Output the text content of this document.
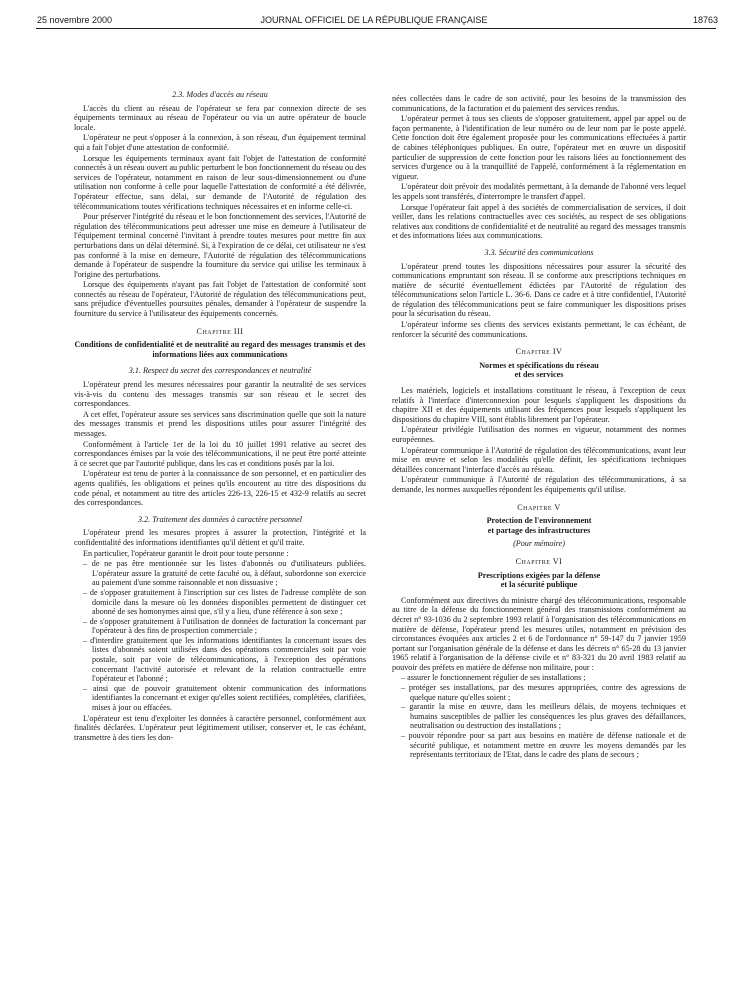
25 novembre 2000	JOURNAL OFFICIEL DE LA RÉPUBLIQUE FRANÇAISE	18763
2.3. Modes d'accès au réseau

L'accès du client au réseau de l'opérateur se fera par connexion directe de ses équipements terminaux au réseau de l'opérateur ou via un autre opérateur de boucle locale.

L'opérateur ne peut s'opposer à la connexion, à son réseau, d'un équipement terminal qui a fait l'objet d'une attestation de conformité.

Lorsque les équipements terminaux ayant fait l'objet de l'attestation de conformité connectés à un réseau ouvert au public perturbent le bon fonctionnement du réseau ou des services de l'opérateur, notamment en raison de leur sous-dimensionnement ou d'une utilisation non conforme à celle pour laquelle l'attestation de conformité a été délivrée, l'opérateur effectue, sans délai, sur demande de l'Autorité de régulation des télécommunications toutes vérifications techniques nécessaires et en informe celle-ci.

Pour préserver l'intégrité du réseau et le bon fonctionnement des services, l'Autorité de régulation des télécommunications peut adresser une mise en demeure à l'utilisateur de l'équipement terminal concerné l'invitant à prendre toutes mesures pour mettre fin aux perturbations dans un délai déterminé. Si, à l'expiration de ce délai, cet utilisateur ne s'est pas conformé à la mise en demeure, l'Autorité de régulation des télécommunications demande à l'opérateur de suspendre la fourniture du service qui utilise les terminaux à l'origine des perturbations.

Lorsque des équipements n'ayant pas fait l'objet de l'attestation de conformité sont connectés au réseau de l'opérateur, l'Autorité de régulation des télécommunications peut, sans préjudice d'éventuelles poursuites pénales, demander à l'opérateur de suspendre la fourniture du service à l'utilisateur des équipements concernés.

Chapitre III
Conditions de confidentialité et de neutralité au regard des messages transmis et des informations liées aux communications
3.1. Respect du secret des correspondances et neutralité

L'opérateur prend les mesures nécessaires pour garantir la neutralité de ses services vis-à-vis du contenu des messages transmis sur son réseau et le secret des correspondances.

A cet effet, l'opérateur assure ses services sans discrimination quelle que soit la nature des messages transmis et prend les dispositions utiles pour assurer l'intégrité des messages.

Conformément à l'article 1er de la loi du 10 juillet 1991 relative au secret des correspondances émises par la voie des télécommunications, il ne peut être porté atteinte à ce secret que par l'autorité publique, dans les cas et conditions posés par la loi.

L'opérateur est tenu de porter à la connaissance de son personnel, et en particulier des agents qualifiés, les obligations et peines qu'ils encourent au titre des dispositions du code pénal, et notamment au titre des articles 226-13, 226-15 et 432-9 relatifs au secret des correspondances.

3.2. Traitement des données à caractère personnel

L'opérateur prend les mesures propres à assurer la protection, l'intégrité et la confidentialité des informations identifiantes qu'il détient et qu'il traite.

En particulier, l'opérateur garantit le droit pour toute personne :

– de ne pas être mentionnée sur les listes d'abonnés ou d'utilisateurs publiées. L'opérateur assure la gratuité de cette faculté ou, à défaut, subordonne son exercice au paiement d'une somme raisonnable et non dissuasive ;
– de s'opposer gratuitement à l'inscription sur ces listes de l'adresse complète de son domicile dans la mesure où les données disponibles permettent de distinguer cet abonné de ses homonymes ainsi que, s'il y a lieu, d'une référence à son sexe ;
– de s'opposer gratuitement à l'utilisation de données de facturation la concernant par l'opérateur à des fins de prospection commerciale ;
– d'interdire gratuitement que les informations identifiantes la concernant issues des listes d'abonnés soient utilisées dans des opérations commerciales soit par voie postale, soit par voie de télécommunications, à l'exception des opérations concernant l'activité autorisée et relevant de la relation contractuelle entre l'opérateur et l'abonné ;
– ainsi que de pouvoir gratuitement obtenir communication des informations identifiantes la concernant et exiger qu'elles soient rectifiées, complétées, clarifiées, mises à jour ou effacées.

L'opérateur est tenu d'exploiter les données à caractère personnel, conformément aux finalités déclarées. L'opérateur peut légitimement utiliser, conserver et, le cas échéant, transmettre à des tiers les don-

nées collectées dans le cadre de son activité, pour les besoins de la transmission des communications, de la facturation et du paiement des services rendus.

L'opérateur permet à tous ses clients de s'opposer gratuitement, appel par appel ou de façon permanente, à l'identification de leur numéro ou de leur nom par le poste appelé. Cette fonction doit être également proposée pour les communications effectuées à partir de cabines téléphoniques publiques. En outre, l'opérateur met en œuvre un dispositif particulier de suppression de cette fonction pour les raisons liées au fonctionnement des services d'urgence ou à la tranquillité de l'appelé, conformément à la réglementation en vigueur.

L'opérateur doit prévoir des modalités permettant, à la demande de l'abonné vers lequel les appels sont transférés, d'interrompre le transfert d'appel.

Lorsque l'opérateur fait appel à des sociétés de commercialisation de services, il doit veiller, dans les relations contractuelles avec ces sociétés, au respect de ses obligations relatives aux conditions de confidentialité et de neutralité au regard des messages transmis et des informations liées aux communications.

3.3. Sécurité des communications

L'opérateur prend toutes les dispositions nécessaires pour assurer la sécurité des communications empruntant son réseau. Il se conforme aux prescriptions techniques en matière de sécurité éventuellement édictées par l'Autorité de régulation des télécommunications selon l'article L. 36-6. Dans ce cadre et à titre confidentiel, l'Autorité de régulation des télécommunications peut se faire communiquer les dispositions prises pour la sécurisation du réseau.

L'opérateur informe ses clients des services existants permettant, le cas échéant, de renforcer la sécurité des communications.

Chapitre IV
Normes et spécifications du réseau
et des services

Les matériels, logiciels et installations constituant le réseau, à l'exception de ceux relatifs à l'interface d'interconnexion pour lesquels s'appliquent les dispositions du chapitre XII et des équipements utilisant des fréquences pour lesquels s'appliquent les dispositions du chapitre VIII, sont établis librement par l'opérateur.

L'opérateur privilégie l'utilisation des normes en vigueur, notamment des normes européennes.

L'opérateur communique à l'Autorité de régulation des télécommunications, avant leur mise en œuvre et selon les modalités qu'elle définit, les spécifications techniques détaillées concernant l'interface d'accès au réseau.

L'opérateur communique à l'Autorité de régulation des télécommunications, à sa demande, les normes auxquelles répondent les équipements qu'il utilise.

Chapitre V
Protection de l'environnement
et partage des infrastructures
(Pour mémoire)
Chapitre VI
Prescriptions exigées par la défense
et la sécurité publique

Conformément aux directives du ministre chargé des télécommunications, responsable au titre de la défense du fonctionnement général des transmissions conformément au décret n° 93-1036 du 2 septembre 1993 relatif à l'organisation des télécommunications en matière de défense, l'opérateur prend les mesures utiles, notamment en prévision des circonstances évoquées aux articles 2 et 6 de l'ordonnance n° 59-147 du 7 janvier 1959 portant sur l'organisation générale de la défense et dans les décrets n° 65-28 du 13 janvier 1965 relatif à l'organisation de la défense civile et n° 83-321 du 20 avril 1983 relatif au pouvoir des préfets en matière de défense non militaire, pour :

– assurer le fonctionnement régulier de ses installations ;
– protéger ses installations, par des mesures appropriées, contre des agressions de quelque nature qu'elles soient ;
– garantir la mise en œuvre, dans les meilleurs délais, de moyens techniques et humains susceptibles de pallier les conséquences les plus graves des défaillances, neutralisation ou destruction des installations ;
– pouvoir répondre pour sa part aux besoins en matière de défense nationale et de sécurité publique, et notamment mettre en œuvre les moyens demandés par les représentants territoriaux de l'Etat, dans le cadre des plans de secours ;
